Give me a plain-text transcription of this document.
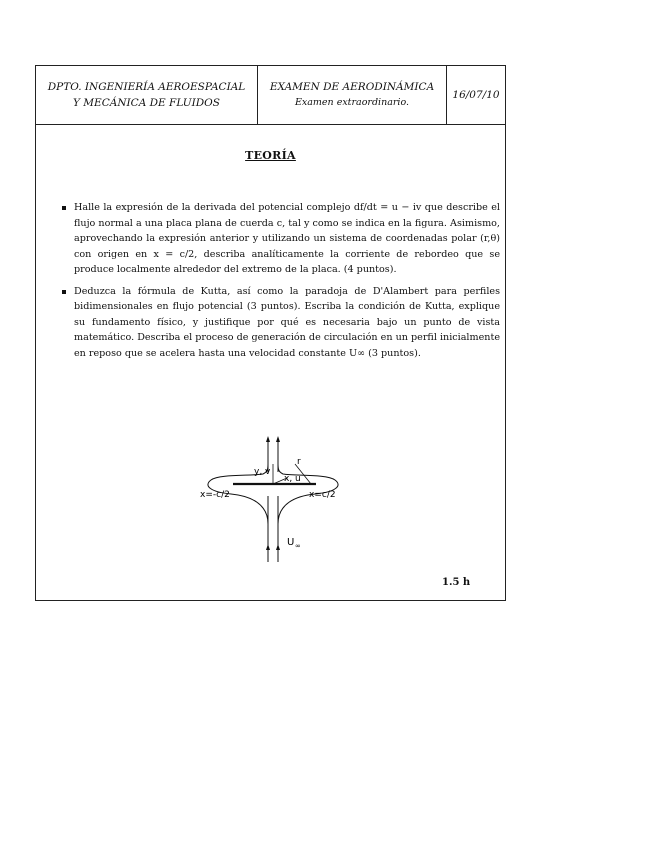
DPTO. INGENIERÍA AEROESPACIAL
Y MECÁNICA DE FLUIDOS
EXAMEN DE AERODINÁMICA
Examen extraordinario.
16/07/10
TEORÍA
Halle la expresión de la derivada del potencial complejo df/dt = u − iv que describe el flujo normal a una placa plana de cuerda c, tal y como se indica en la figura. Asimismo, aprovechando la expresión anterior y utilizando un sistema de coordenadas polar (r,θ) con origen en x = c/2, describa analíticamente la corriente de rebordeo que se produce localmente alrededor del extremo de la placa. (4 puntos).
Deduzca la fórmula de Kutta, así como la paradoja de D'Alambert para perfiles bidimensionales en flujo potencial (3 puntos). Escriba la condición de Kutta, explique su fundamento físico, y justifique por qué es necesaria bajo un punto de vista matemático. Describa el proceso de generación de circulación en un perfil inicialmente en reposo que se acelera hasta una velocidad constante U∞ (3 puntos).
y, v
x, u
r
x=-c/2	x=c/2
U ∞
1.5 h
